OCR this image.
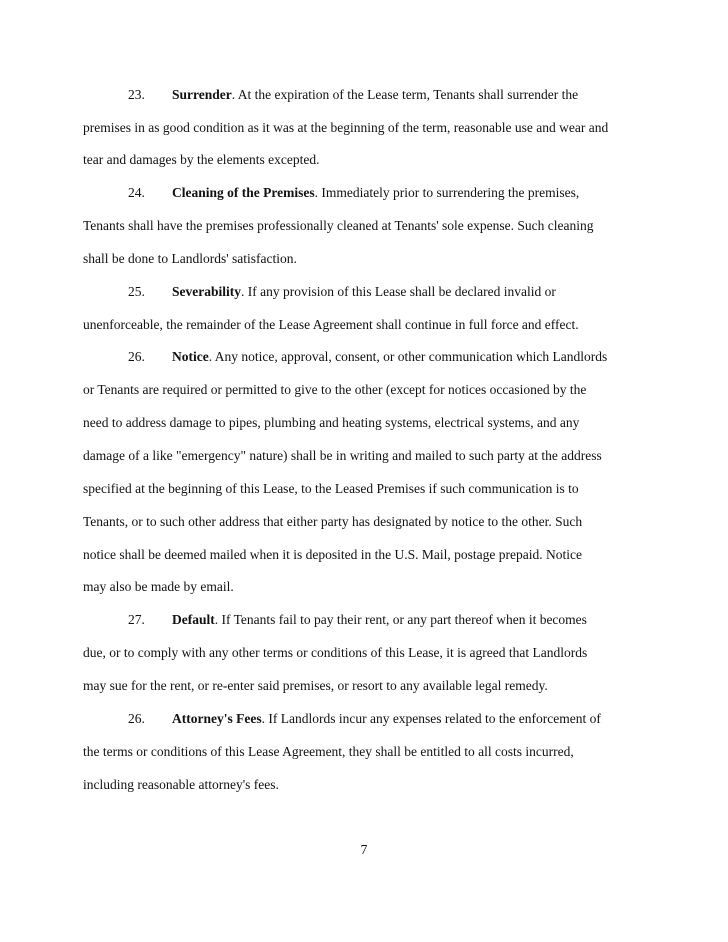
23. Surrender. At the expiration of the Lease term, Tenants shall surrender the
premises in as good condition as it was at the beginning of the term, reasonable use and wear and
tear and damages by the elements excepted.
24. Cleaning of the Premises. Immediately prior to surrendering the premises,
Tenants shall have the premises professionally cleaned at Tenants' sole expense. Such cleaning
shall be done to Landlords' satisfaction.
25. Severability. If any provision of this Lease shall be declared invalid or
unenforceable, the remainder of the Lease Agreement shall continue in full force and effect.
26. Notice. Any notice, approval, consent, or other communication which Landlords
or Tenants are required or permitted to give to the other (except for notices occasioned by the
need to address damage to pipes, plumbing and heating systems, electrical systems, and any
damage of a like "emergency" nature) shall be in writing and mailed to such party at the address
specified at the beginning of this Lease, to the Leased Premises if such communication is to
Tenants, or to such other address that either party has designated by notice to the other. Such
notice shall be deemed mailed when it is deposited in the U.S. Mail, postage prepaid. Notice
may also be made by email.
27. Default. If Tenants fail to pay their rent, or any part thereof when it becomes
due, or to comply with any other terms or conditions of this Lease, it is agreed that Landlords
may sue for the rent, or re-enter said premises, or resort to any available legal remedy.
26. Attorney's Fees. If Landlords incur any expenses related to the enforcement of
the terms or conditions of this Lease Agreement, they shall be entitled to all costs incurred,
including reasonable attorney's fees.
7
